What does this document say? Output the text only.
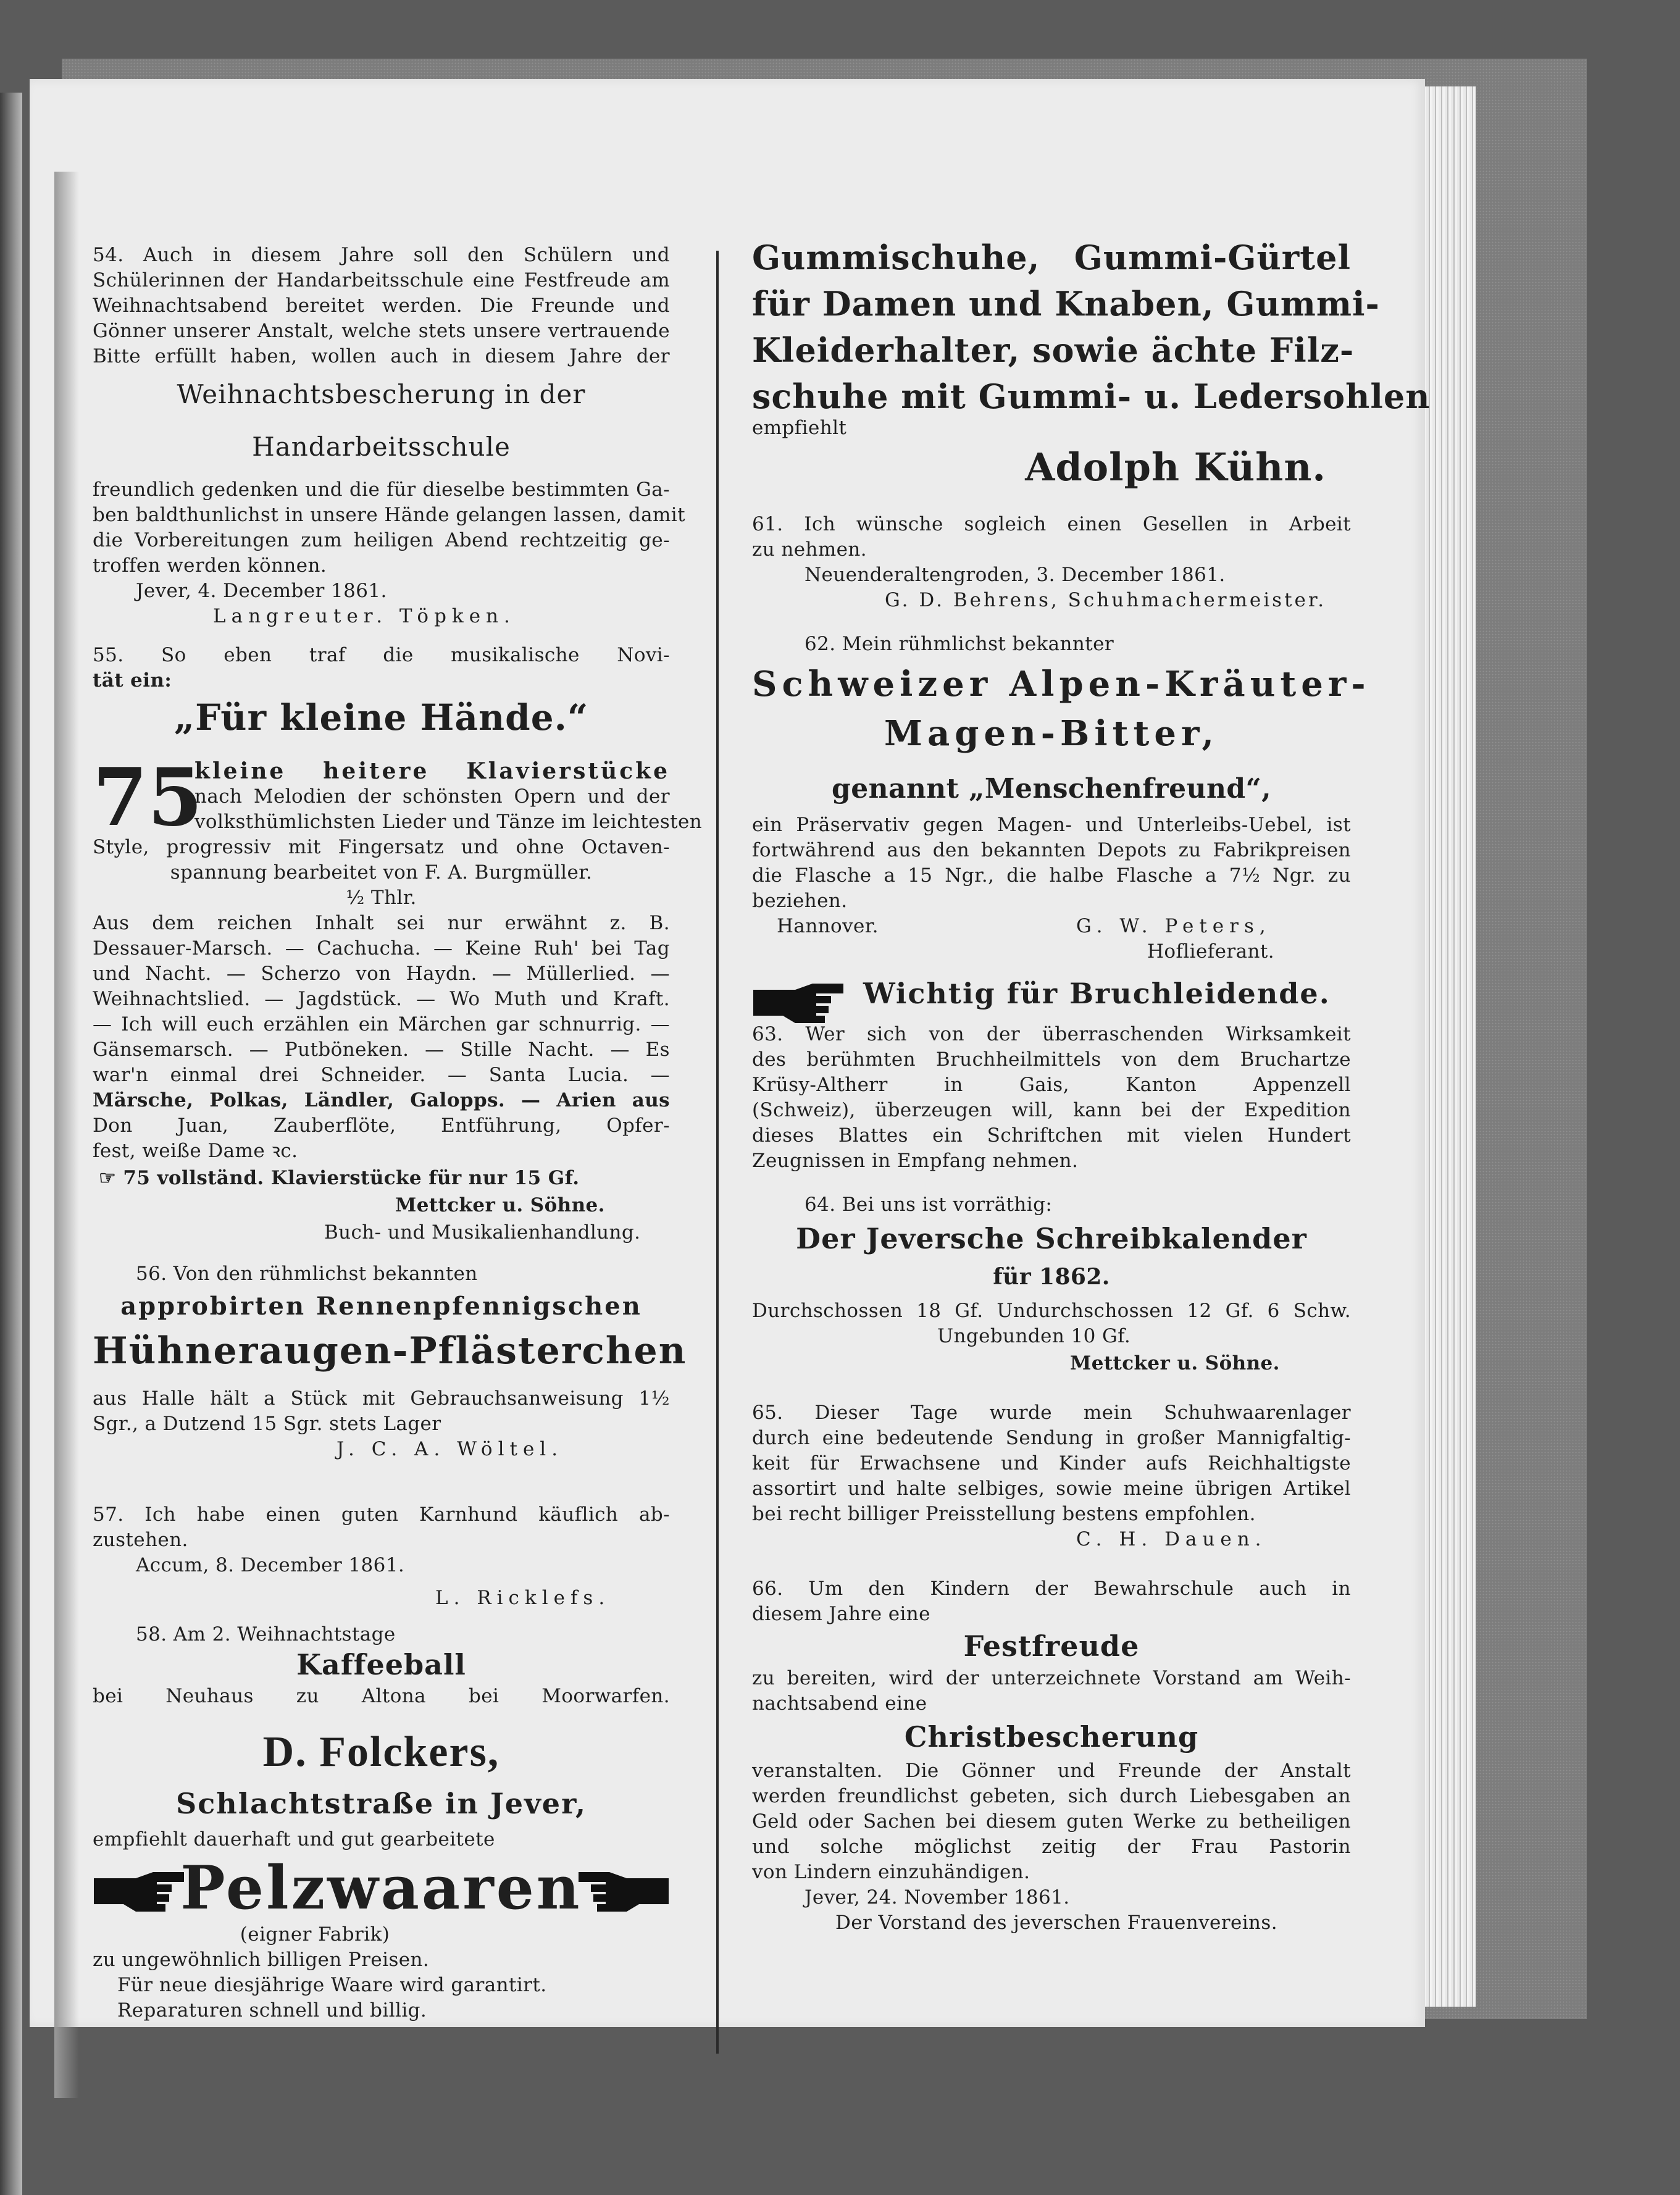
54. Auch in diesem Jahre soll den Schülern und
Schülerinnen der Handarbeitsschule eine Festfreude am
Weihnachtsabend bereitet werden. Die Freunde und
Gönner unserer Anstalt, welche stets unsere vertrauende
Bitte erfüllt haben, wollen auch in diesem Jahre der
Weihnachtsbescherung in der
Handarbeitsschule
freundlich gedenken und die für dieselbe bestimmten Ga-
ben baldthunlichst in unsere Hände gelangen lassen, damit
die Vorbereitungen zum heiligen Abend rechtzeitig ge-
troffen werden können.
Jever, 4. December 1861.
Langreuter. Töpken.
55. So eben traf die musikalische Novi-
tät ein:
„Für kleine Hände.“
75
kleine heitere Klavierstücke
nach Melodien der schönsten Opern und der
volksthümlichsten Lieder und Tänze im leichtesten
Style, progressiv mit Fingersatz und ohne Octaven-
spannung bearbeitet von F. A. Burgmüller.
½ Thlr.
Aus dem reichen Inhalt sei nur erwähnt z. B.
Dessauer-Marsch. — Cachucha. — Keine Ruh' bei Tag
und Nacht. — Scherzo von Haydn. — Müllerlied. —
Weihnachtslied. — Jagdstück. — Wo Muth und Kraft.
— Ich will euch erzählen ein Märchen gar schnurrig. —
Gänsemarsch. — Putböneken. — Stille Nacht. — Es
war'n einmal drei Schneider. — Santa Lucia. —
Märsche, Polkas, Ländler, Galopps. — Arien aus
Don Juan, Zauberflöte, Entführung, Opfer-
fest, weiße Dame ꝛc.
☞ 75 vollständ. Klavierstücke für nur 15 Gf.
Mettcker u. Söhne.
Buch- und Musikalienhandlung.
56. Von den rühmlichst bekannten
approbirten Rennenpfennigschen
Hühneraugen-Pflästerchen
aus Halle hält a Stück mit Gebrauchsanweisung 1½
Sgr., a Dutzend 15 Sgr. stets Lager
J. C. A. Wöltel.
57. Ich habe einen guten Karnhund käuflich ab-
zustehen.
Accum, 8. December 1861.
L. Ricklefs.
58. Am 2. Weihnachtstage
Kaffeeball
bei Neuhaus zu Altona bei Moorwarfen.
D. Folckers,
Schlachtstraße in Jever,
empfiehlt dauerhaft und gut gearbeitete
Pelzwaaren
(eigner Fabrik)
zu ungewöhnlich billigen Preisen.
Für neue diesjährige Waare wird garantirt.
Reparaturen schnell und billig.
Gummischuhe, Gummi-Gürtel
für Damen und Knaben, Gummi-
Kleiderhalter, sowie ächte Filz-
schuhe mit Gummi- u. Ledersohlen
empfiehlt
Adolph Kühn.
61. Ich wünsche sogleich einen Gesellen in Arbeit
zu nehmen.
Neuenderaltengroden, 3. December 1861.
G. D. Behrens, Schuhmachermeister.
62. Mein rühmlichst bekannter
Schweizer Alpen-Kräuter-
Magen-Bitter,
genannt „Menschenfreund“,
ein Präservativ gegen Magen- und Unterleibs-Uebel, ist
fortwährend aus den bekannten Depots zu Fabrikpreisen
die Flasche a 15 Ngr., die halbe Flasche a 7½ Ngr. zu
beziehen.
Hannover.	G. W. Peters,
Hoflieferant.
Wichtig für Bruchleidende.
63. Wer sich von der überraschenden Wirksamkeit
des berühmten Bruchheilmittels von dem Bruchartze
Krüsy-Altherr in Gais, Kanton Appenzell
(Schweiz), überzeugen will, kann bei der Expedition
dieses Blattes ein Schriftchen mit vielen Hundert
Zeugnissen in Empfang nehmen.
64. Bei uns ist vorräthig:
Der Jeversche Schreibkalender
für 1862.
Durchschossen 18 Gf. Undurchschossen 12 Gf. 6 Schw.
Ungebunden 10 Gf.
Mettcker u. Söhne.
65. Dieser Tage wurde mein Schuhwaarenlager
durch eine bedeutende Sendung in großer Mannigfaltig-
keit für Erwachsene und Kinder aufs Reichhaltigste
assortirt und halte selbiges, sowie meine übrigen Artikel
bei recht billiger Preisstellung bestens empfohlen.
C. H. Dauen.
66. Um den Kindern der Bewahrschule auch in
diesem Jahre eine
Festfreude
zu bereiten, wird der unterzeichnete Vorstand am Weih-
nachtsabend eine
Christbescherung
veranstalten. Die Gönner und Freunde der Anstalt
werden freundlichst gebeten, sich durch Liebesgaben an
Geld oder Sachen bei diesem guten Werke zu betheiligen
und solche möglichst zeitig der Frau Pastorin
von Lindern einzuhändigen.
Jever, 24. November 1861.
Der Vorstand des jeverschen Frauenvereins.
